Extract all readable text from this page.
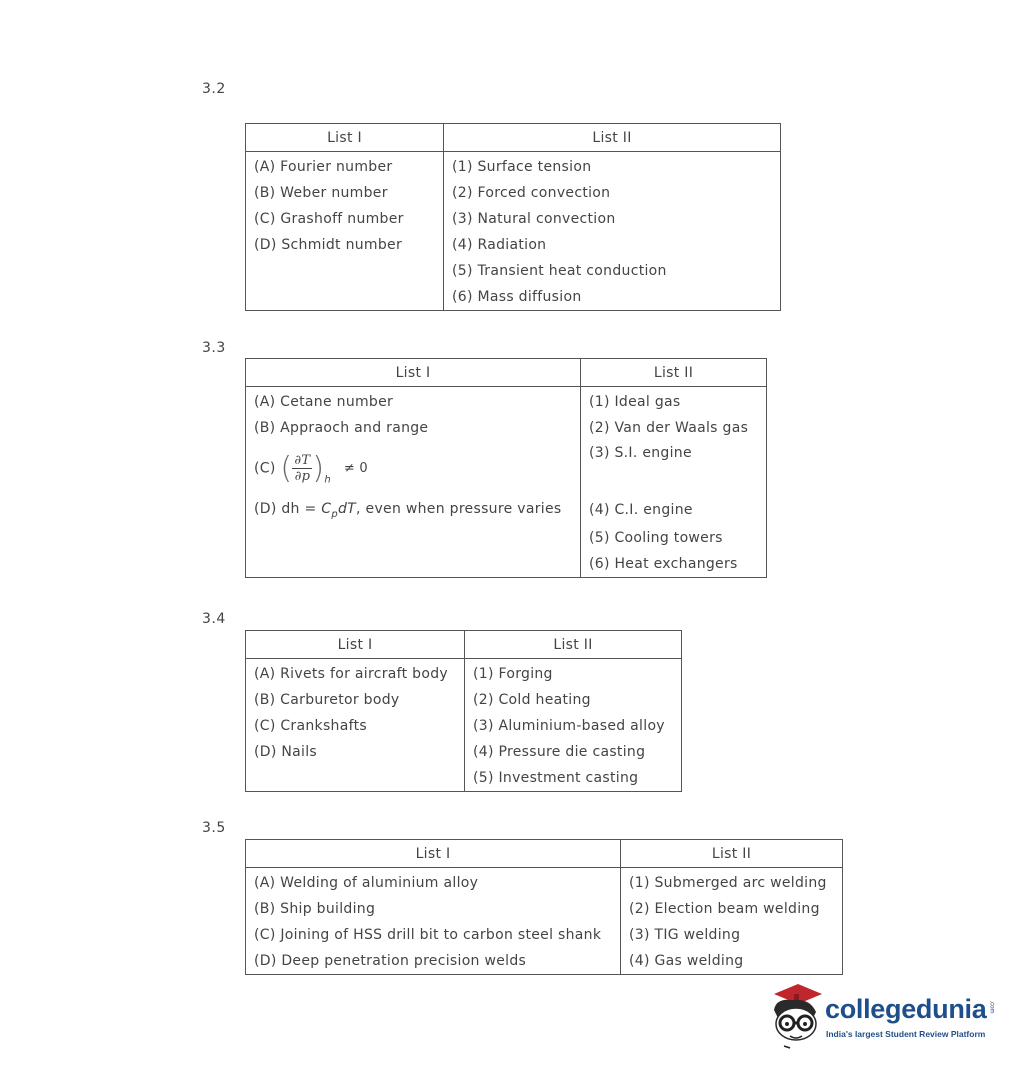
3.2
List I	List II
(A) Fourier number	(1) Surface tension
(B) Weber number	(2) Forced convection
(C) Grashoff number	(3) Natural convection
(D) Schmidt number	(4) Radiation
	(5) Transient heat conduction
	(6) Mass diffusion
3.3
List I	List II
(A) Cetane number	(1) Ideal gas
(B) Appraoch and range	(2) Van der Waals gas
(C) ( $\frac{\partial T}{\partial p} )_h \ne 0$	(3) S.I. engine
(D) dh = $C_pdT$, even when pressure varies	(4) C.I. engine
	(5) Cooling towers
	(6) Heat exchangers
3.4
List I	List II
(A) Rivets for aircraft body	(1) Forging
(B) Carburetor body	(2) Cold heating
(C) Crankshafts	(3) Aluminium-based alloy
(D) Nails	(4) Pressure die casting
	(5) Investment casting
3.5
List I	List II
(A) Welding of aluminium alloy	(1) Submerged arc welding
(B) Ship building	(2) Election beam welding
(C) Joining of HSS drill bit to carbon steel shank	(3) TIG welding
(D) Deep penetration precision welds	(4) Gas welding
collegedunia .com
India's largest Student Review Platform
